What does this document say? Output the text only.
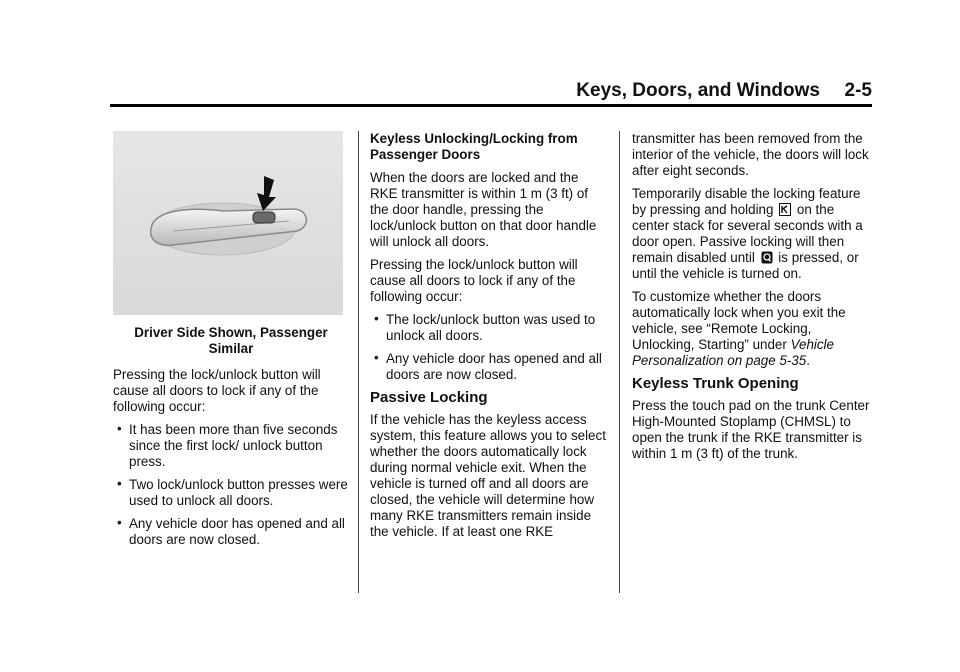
Keys, Doors, and Windows 2-5
Driver Side Shown, Passenger Similar

Pressing the lock/unlock button will cause all doors to lock if any of the following occur:

• It has been more than five seconds since the first lock/ unlock button press.
• Two lock/unlock button presses were used to unlock all doors.
• Any vehicle door has opened and all doors are now closed.

Keyless Unlocking/Locking from Passenger Doors

When the doors are locked and the RKE transmitter is within 1 m (3 ft) of the door handle, pressing the lock/unlock button on that door handle will unlock all doors.

Pressing the lock/unlock button will cause all doors to lock if any of the following occur:

• The lock/unlock button was used to unlock all doors.
• Any vehicle door has opened and all doors are now closed.
Passive Locking

If the vehicle has the keyless access system, this feature allows you to select whether the doors automatically lock during normal vehicle exit. When the vehicle is turned off and all doors are closed, the vehicle will determine how many RKE transmitters remain inside the vehicle. If at least one RKE

transmitter has been removed from the interior of the vehicle, the doors will lock after eight seconds.

Temporarily disable the locking feature by pressing and holding on the center stack for several seconds with a door open. Passive locking will then remain disabled until is pressed, or until the vehicle is turned on.

To customize whether the doors automatically lock when you exit the vehicle, see “Remote Locking, Unlocking, Starting” under Vehicle Personalization on page 5-35.

Keyless Trunk Opening

Press the touch pad on the trunk Center High-Mounted Stoplamp (CHMSL) to open the trunk if the RKE transmitter is within 1 m (3 ft) of the trunk.
